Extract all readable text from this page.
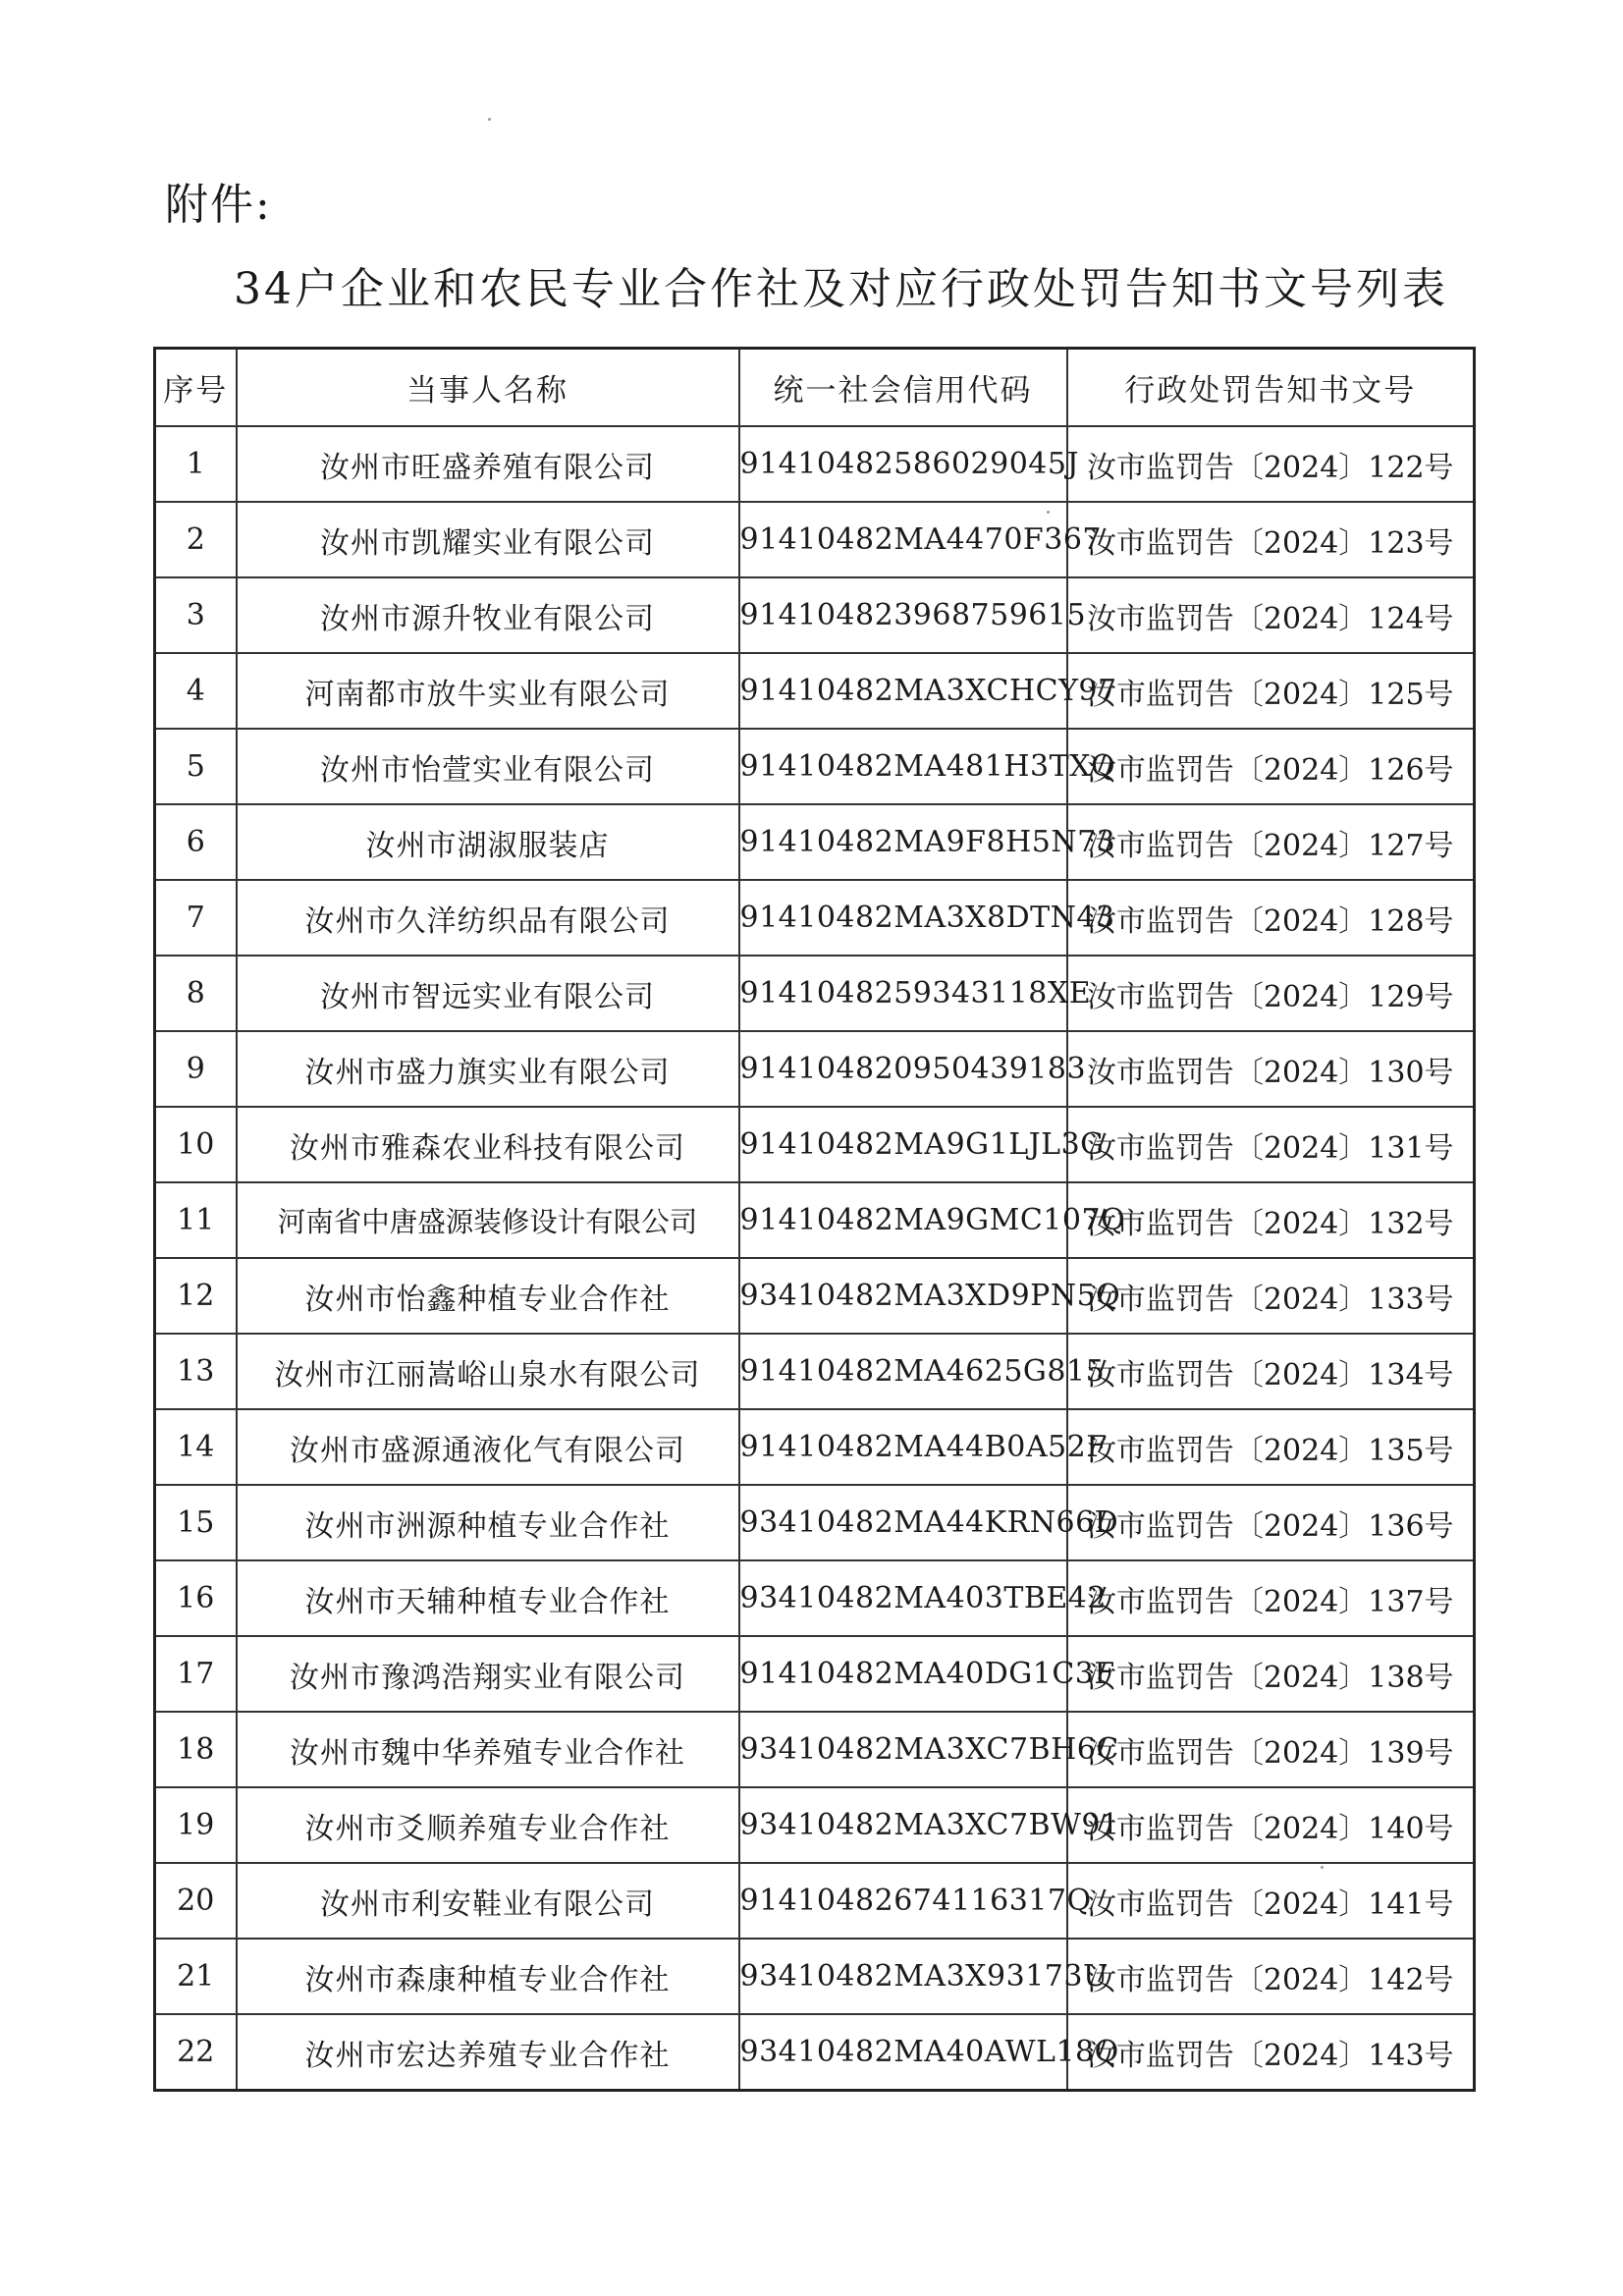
附件:
34户企业和农民专业合作社及对应行政处罚告知书文号列表
序号	当事人名称	统一社会信用代码	行政处罚告知书文号
1	汝州市旺盛养殖有限公司	91410482586029045J	汝市监罚告〔2024〕122号
2	汝州市凯耀实业有限公司	91410482MA4470F367	汝市监罚告〔2024〕123号
3	汝州市源升牧业有限公司	914104823968759615	汝市监罚告〔2024〕124号
4	河南都市放牛实业有限公司	91410482MA3XCHCY97	汝市监罚告〔2024〕125号
5	汝州市怡萱实业有限公司	91410482MA481H3TXQ	汝市监罚告〔2024〕126号
6	汝州市湖淑服装店	91410482MA9F8H5N73	汝市监罚告〔2024〕127号
7	汝州市久洋纺织品有限公司	91410482MA3X8DTN43	汝市监罚告〔2024〕128号
8	汝州市智远实业有限公司	9141048259343118XE	汝市监罚告〔2024〕129号
9	汝州市盛力旗实业有限公司	914104820950439183	汝市监罚告〔2024〕130号
10	汝州市雅森农业科技有限公司	91410482MA9G1LJL3G	汝市监罚告〔2024〕131号
11	河南省中唐盛源装修设计有限公司	91410482MA9GMC107Q	汝市监罚告〔2024〕132号
12	汝州市怡鑫种植专业合作社	93410482MA3XD9PN5Q	汝市监罚告〔2024〕133号
13	汝州市江丽嵩峪山泉水有限公司	91410482MA4625G815	汝市监罚告〔2024〕134号
14	汝州市盛源通液化气有限公司	91410482MA44B0A52F	汝市监罚告〔2024〕135号
15	汝州市洲源种植专业合作社	93410482MA44KRN66D	汝市监罚告〔2024〕136号
16	汝州市天辅种植专业合作社	93410482MA403TBE42	汝市监罚告〔2024〕137号
17	汝州市豫鸿浩翔实业有限公司	91410482MA40DG1C3F	汝市监罚告〔2024〕138号
18	汝州市魏中华养殖专业合作社	93410482MA3XC7BH6C	汝市监罚告〔2024〕139号
19	汝州市爻顺养殖专业合作社	93410482MA3XC7BW91	汝市监罚告〔2024〕140号
20	汝州市利安鞋业有限公司	91410482674116317Q	汝市监罚告〔2024〕141号
21	汝州市森康种植专业合作社	93410482MA3X93173U	汝市监罚告〔2024〕142号
22	汝州市宏达养殖专业合作社	93410482MA40AWL18Q	汝市监罚告〔2024〕143号
